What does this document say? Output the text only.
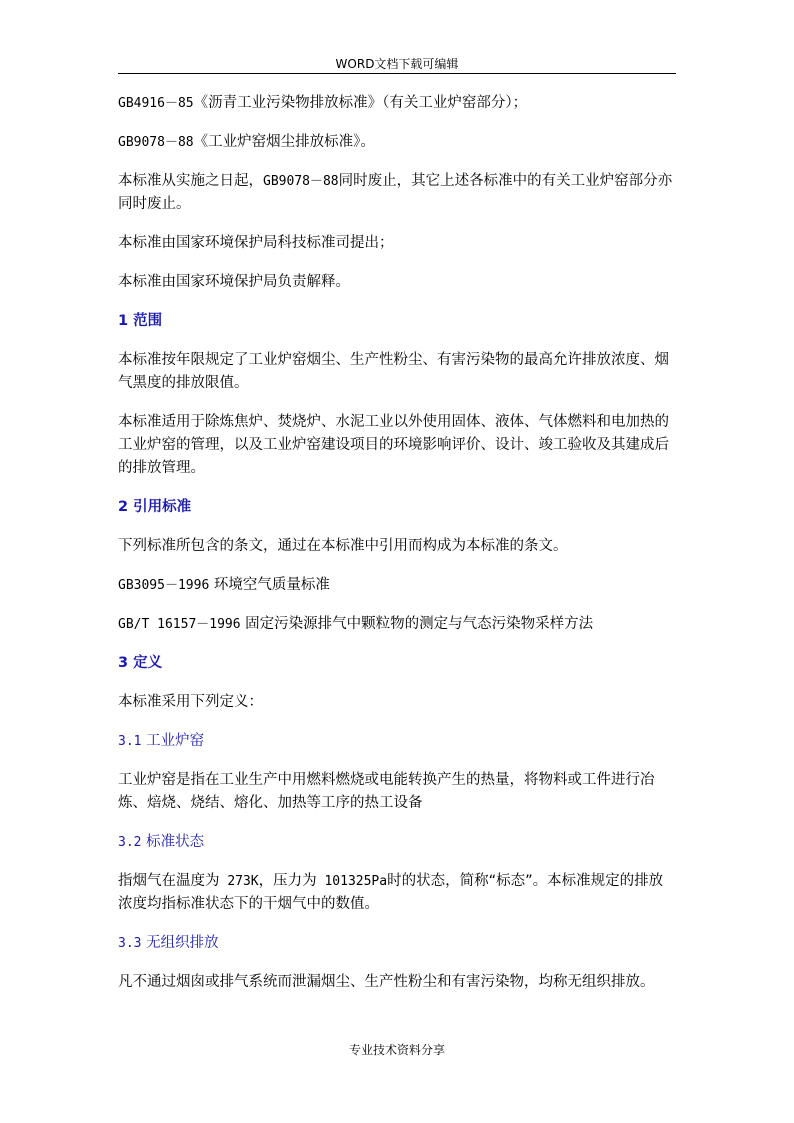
WORD文档下载可编辑

GB4916－85《沥青工业污染物排放标准》（有关工业炉窑部分）；

GB9078－88《工业炉窑烟尘排放标准》。

本标准从实施之日起，GB9078－88同时废止，其它上述各标准中的有关工业炉窑部分亦同时废止。

本标准由国家环境保护局科技标准司提出；

本标准由国家环境保护局负责解释。

1 范围

本标准按年限规定了工业炉窑烟尘、生产性粉尘、有害污染物的最高允许排放浓度、烟气黑度的排放限值。

本标准适用于除炼焦炉、焚烧炉、水泥工业以外使用固体、液体、气体燃料和电加热的工业炉窑的管理，以及工业炉窑建设项目的环境影响评价、设计、竣工验收及其建成后的排放管理。

2 引用标准

下列标准所包含的条文，通过在本标准中引用而构成为本标准的条文。

GB3095－1996 环境空气质量标准

GB/T 16157－1996 固定污染源排气中颗粒物的测定与气态污染物采样方法

3 定义

本标准采用下列定义：

3.1 工业炉窑

工业炉窑是指在工业生产中用燃料燃烧或电能转换产生的热量，将物料或工件进行冶炼、焙烧、烧结、熔化、加热等工序的热工设备

3.2 标准状态

指烟气在温度为 273K，压力为 101325Pa时的状态，简称“标态”。本标准规定的排放浓度均指标准状态下的干烟气中的数值。

3.3 无组织排放

凡不通过烟囱或排气系统而泄漏烟尘、生产性粉尘和有害污染物，均称无组织排放。

专业技术资料分享
